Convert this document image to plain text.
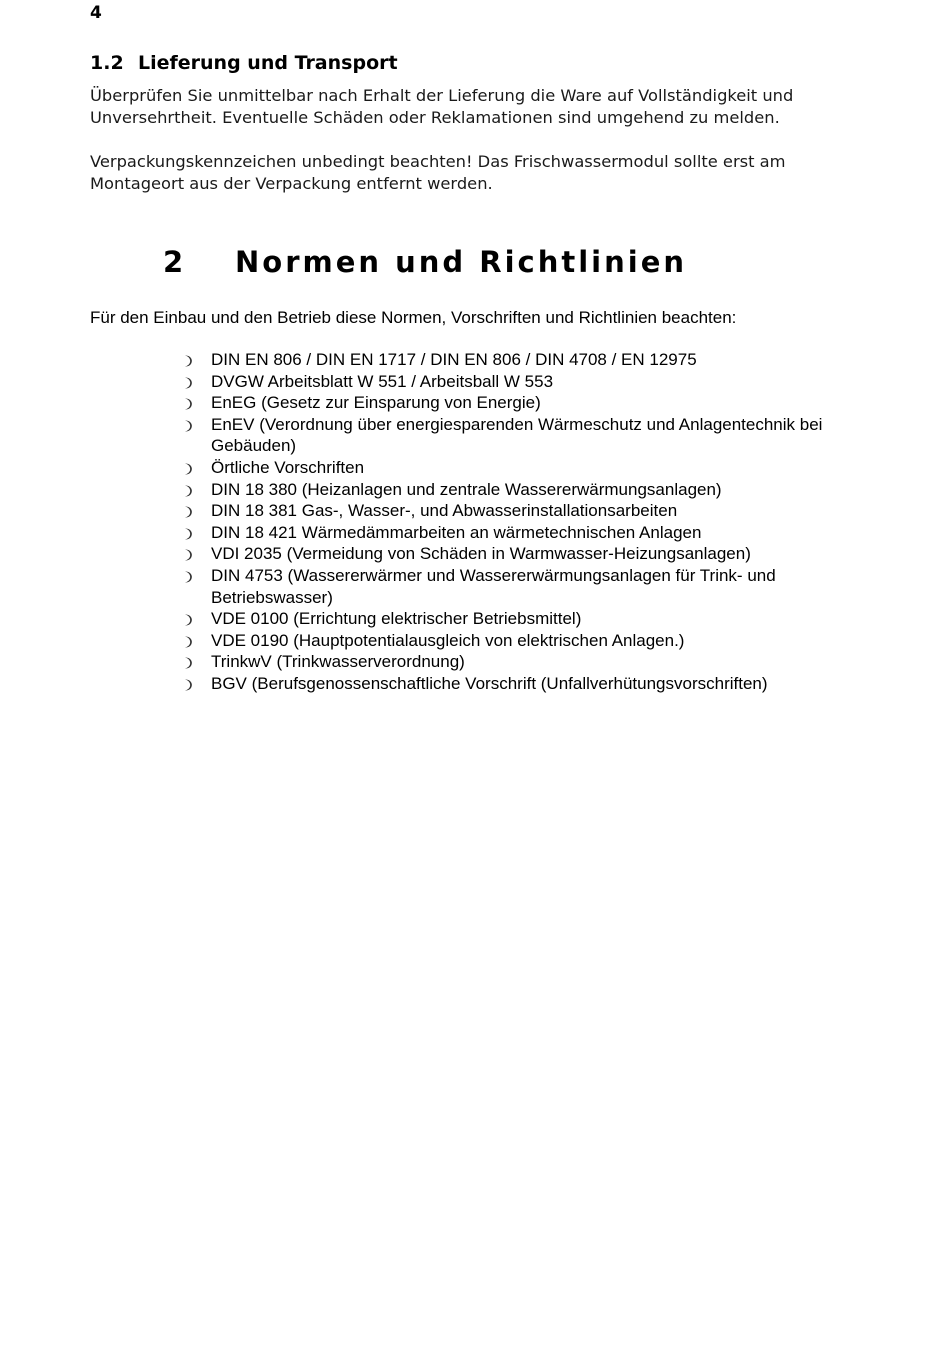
4
1.2 Lieferung und Transport

Überprüfen Sie unmittelbar nach Erhalt der Lieferung die Ware auf Vollständigkeit und Unversehrtheit. Eventuelle Schäden oder Reklamationen sind umgehend zu melden.

Verpackungskennzeichen unbedingt beachten! Das Frischwassermodul sollte erst am Montageort aus der Verpackung entfernt werden.

2 Normen und Richtlinien

Für den Einbau und den Betrieb diese Normen, Vorschriften und Richtlinien beachten:

DIN EN 806 / DIN EN 1717 / DIN EN 806 / DIN 4708 / EN 12975
DVGW Arbeitsblatt W 551 / Arbeitsball W 553
EnEG (Gesetz zur Einsparung von Energie)
EnEV (Verordnung über energiesparenden Wärmeschutz und Anlagentechnik bei Gebäuden)
Örtliche Vorschriften
DIN 18 380 (Heizanlagen und zentrale Wassererwärmungsanlagen)
DIN 18 381 Gas-, Wasser-, und Abwasserinstallationsarbeiten
DIN 18 421 Wärmedämmarbeiten an wärmetechnischen Anlagen
VDI 2035 (Vermeidung von Schäden in Warmwasser-Heizungsanlagen)
DIN 4753 (Wassererwärmer und Wassererwärmungsanlagen für Trink- und Betriebswasser)
VDE 0100 (Errichtung elektrischer Betriebsmittel)
VDE 0190 (Hauptpotentialausgleich von elektrischen Anlagen.)
TrinkwV (Trinkwasserverordnung)
BGV (Berufsgenossenschaftliche Vorschrift (Unfallverhütungsvorschriften)
